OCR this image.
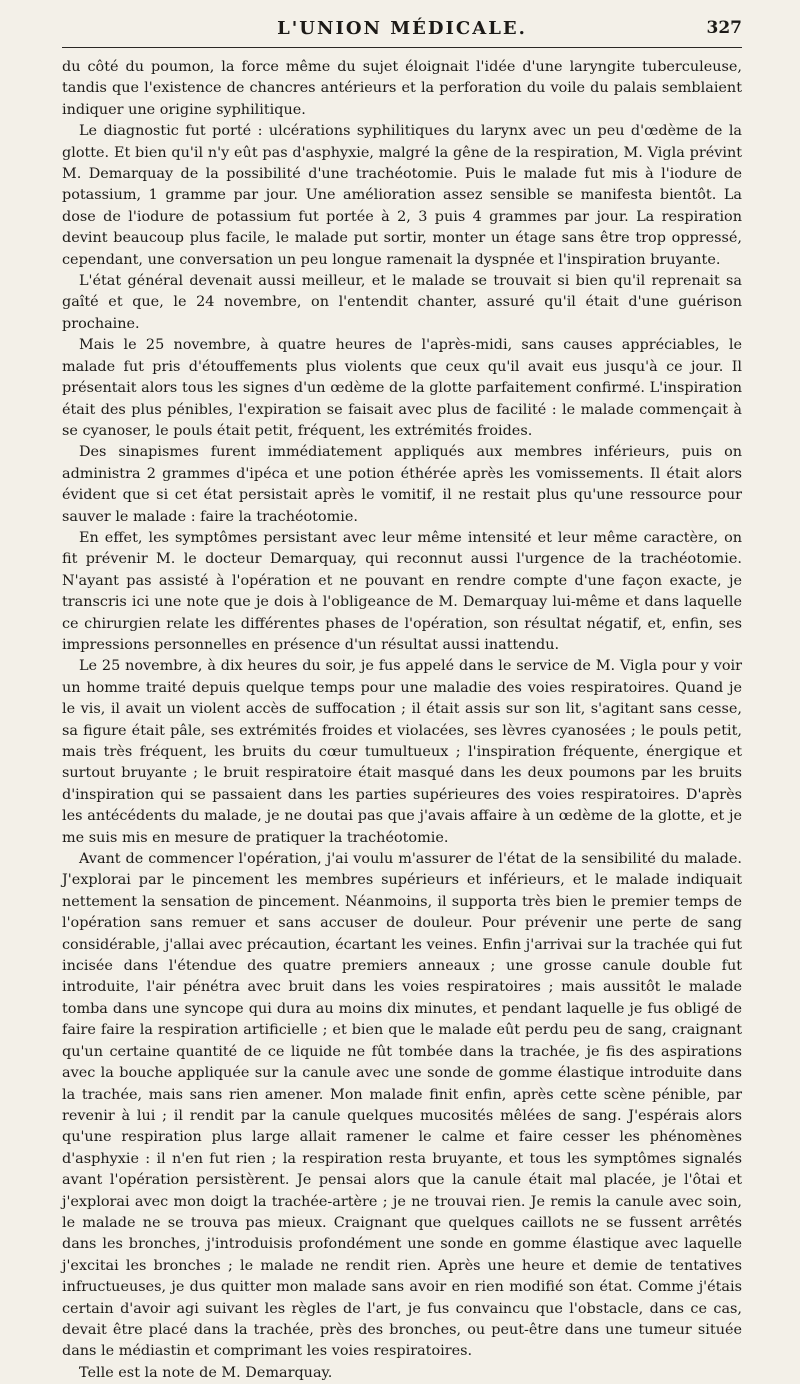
L'UNION MÉDICALE.	327

du côté du poumon, la force même du sujet éloignait l'idée d'une laryngite tuberculeuse, tandis que l'existence de chancres antérieurs et la perforation du voile du palais semblaient indiquer une origine syphilitique.

Le diagnostic fut porté : ulcérations syphilitiques du larynx avec un peu d'œdème de la glotte. Et bien qu'il n'y eût pas d'asphyxie, malgré la gêne de la respiration, M. Vigla prévint M. Demarquay de la possibilité d'une trachéotomie. Puis le malade fut mis à l'iodure de potassium, 1 gramme par jour. Une amélioration assez sensible se manifesta bientôt. La dose de l'iodure de potassium fut portée à 2, 3 puis 4 grammes par jour. La respiration devint beaucoup plus facile, le malade put sortir, monter un étage sans être trop oppressé, cependant, une conversation un peu longue ramenait la dyspnée et l'inspiration bruyante.

L'état général devenait aussi meilleur, et le malade se trouvait si bien qu'il reprenait sa gaîté et que, le 24 novembre, on l'entendit chanter, assuré qu'il était d'une guérison prochaine.

Mais le 25 novembre, à quatre heures de l'après-midi, sans causes appréciables, le malade fut pris d'étouffements plus violents que ceux qu'il avait eus jusqu'à ce jour. Il présentait alors tous les signes d'un œdème de la glotte parfaitement confirmé. L'inspiration était des plus pénibles, l'expiration se faisait avec plus de facilité : le malade commençait à se cyanoser, le pouls était petit, fréquent, les extrémités froides.

Des sinapismes furent immédiatement appliqués aux membres inférieurs, puis on administra 2 grammes d'ipéca et une potion éthérée après les vomissements. Il était alors évident que si cet état persistait après le vomitif, il ne restait plus qu'une ressource pour sauver le malade : faire la trachéotomie.

En effet, les symptômes persistant avec leur même intensité et leur même caractère, on fit prévenir M. le docteur Demarquay, qui reconnut aussi l'urgence de la trachéotomie. N'ayant pas assisté à l'opération et ne pouvant en rendre compte d'une façon exacte, je transcris ici une note que je dois à l'obligeance de M. Demarquay lui-même et dans laquelle ce chirurgien relate les différentes phases de l'opération, son résultat négatif, et, enfin, ses impressions personnelles en présence d'un résultat aussi inattendu.

Le 25 novembre, à dix heures du soir, je fus appelé dans le service de M. Vigla pour y voir un homme traité depuis quelque temps pour une maladie des voies respiratoires. Quand je le vis, il avait un violent accès de suffocation ; il était assis sur son lit, s'agitant sans cesse, sa figure était pâle, ses extrémités froides et violacées, ses lèvres cyanosées ; le pouls petit, mais très fréquent, les bruits du cœur tumultueux ; l'inspiration fréquente, énergique et surtout bruyante ; le bruit respiratoire était masqué dans les deux poumons par les bruits d'inspiration qui se passaient dans les parties supérieures des voies respiratoires. D'après les antécédents du malade, je ne doutai pas que j'avais affaire à un œdème de la glotte, et je me suis mis en mesure de pratiquer la trachéotomie.

Avant de commencer l'opération, j'ai voulu m'assurer de l'état de la sensibilité du malade. J'explorai par le pincement les membres supérieurs et inférieurs, et le malade indiquait nettement la sensation de pincement. Néanmoins, il supporta très bien le premier temps de l'opération sans remuer et sans accuser de douleur. Pour prévenir une perte de sang considérable, j'allai avec précaution, écartant les veines. Enfin j'arrivai sur la trachée qui fut incisée dans l'étendue des quatre premiers anneaux ; une grosse canule double fut introduite, l'air pénétra avec bruit dans les voies respiratoires ; mais aussitôt le malade tomba dans une syncope qui dura au moins dix minutes, et pendant laquelle je fus obligé de faire faire la respiration artificielle ; et bien que le malade eût perdu peu de sang, craignant qu'un certaine quantité de ce liquide ne fût tombée dans la trachée, je fis des aspirations avec la bouche appliquée sur la canule avec une sonde de gomme élastique introduite dans la trachée, mais sans rien amener. Mon malade finit enfin, après cette scène pénible, par revenir à lui ; il rendit par la canule quelques mucosités mêlées de sang. J'espérais alors qu'une respiration plus large allait ramener le calme et faire cesser les phénomènes d'asphyxie : il n'en fut rien ; la respiration resta bruyante, et tous les symptômes signalés avant l'opération persistèrent. Je pensai alors que la canule était mal placée, je l'ôtai et j'explorai avec mon doigt la trachée-artère ; je ne trouvai rien. Je remis la canule avec soin, le malade ne se trouva pas mieux. Craignant que quelques caillots ne se fussent arrêtés dans les bronches, j'introduisis profondément une sonde en gomme élastique avec laquelle j'excitai les bronches ; le malade ne rendit rien. Après une heure et demie de tentatives infructueuses, je dus quitter mon malade sans avoir en rien modifié son état. Comme j'étais certain d'avoir agi suivant les règles de l'art, je fus convaincu que l'obstacle, dans ce cas, devait être placé dans la trachée, près des bronches, ou peut-être dans une tumeur située dans le médiastin et comprimant les voies respiratoires.

Telle est la note de M. Demarquay.
